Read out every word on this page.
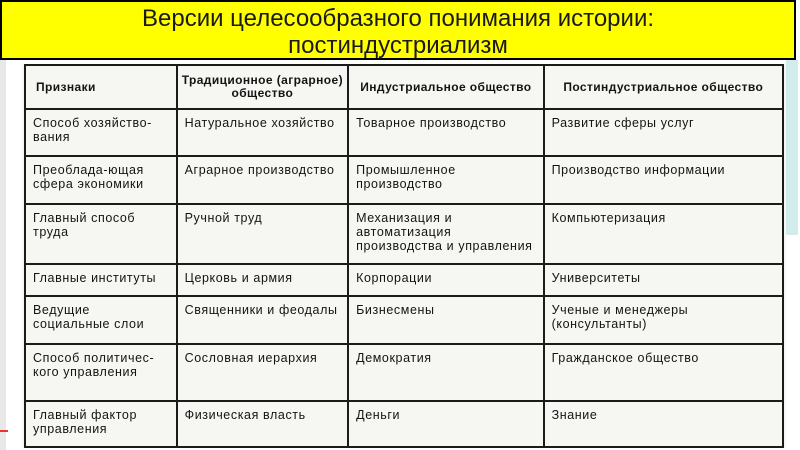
Версии целесообразного понимания истории:
постиндустриализм
Признаки	Традиционное (аграрное) общество	Индустриальное общество	Постиндустриальное общество
Способ хозяйство-вания	Натуральное хозяйство	Товарное производство	Развитие сферы услуг
Преоблада-ющая сфера экономики	Аграрное производство	Промышленное производство	Производство информации
Главный способ труда	Ручной труд	Механизация и автоматизация производства и управления	Компьютеризация
Главные институты	Церковь и армия	Корпорации	Университеты
Ведущие социальные слои	Священники и феодалы	Бизнесмены	Ученые и менеджеры (консультанты)
Способ политичес-кого управления	Сословная иерархия	Демократия	Гражданское общество
Главный фактор управления	Физическая власть	Деньги	Знание
